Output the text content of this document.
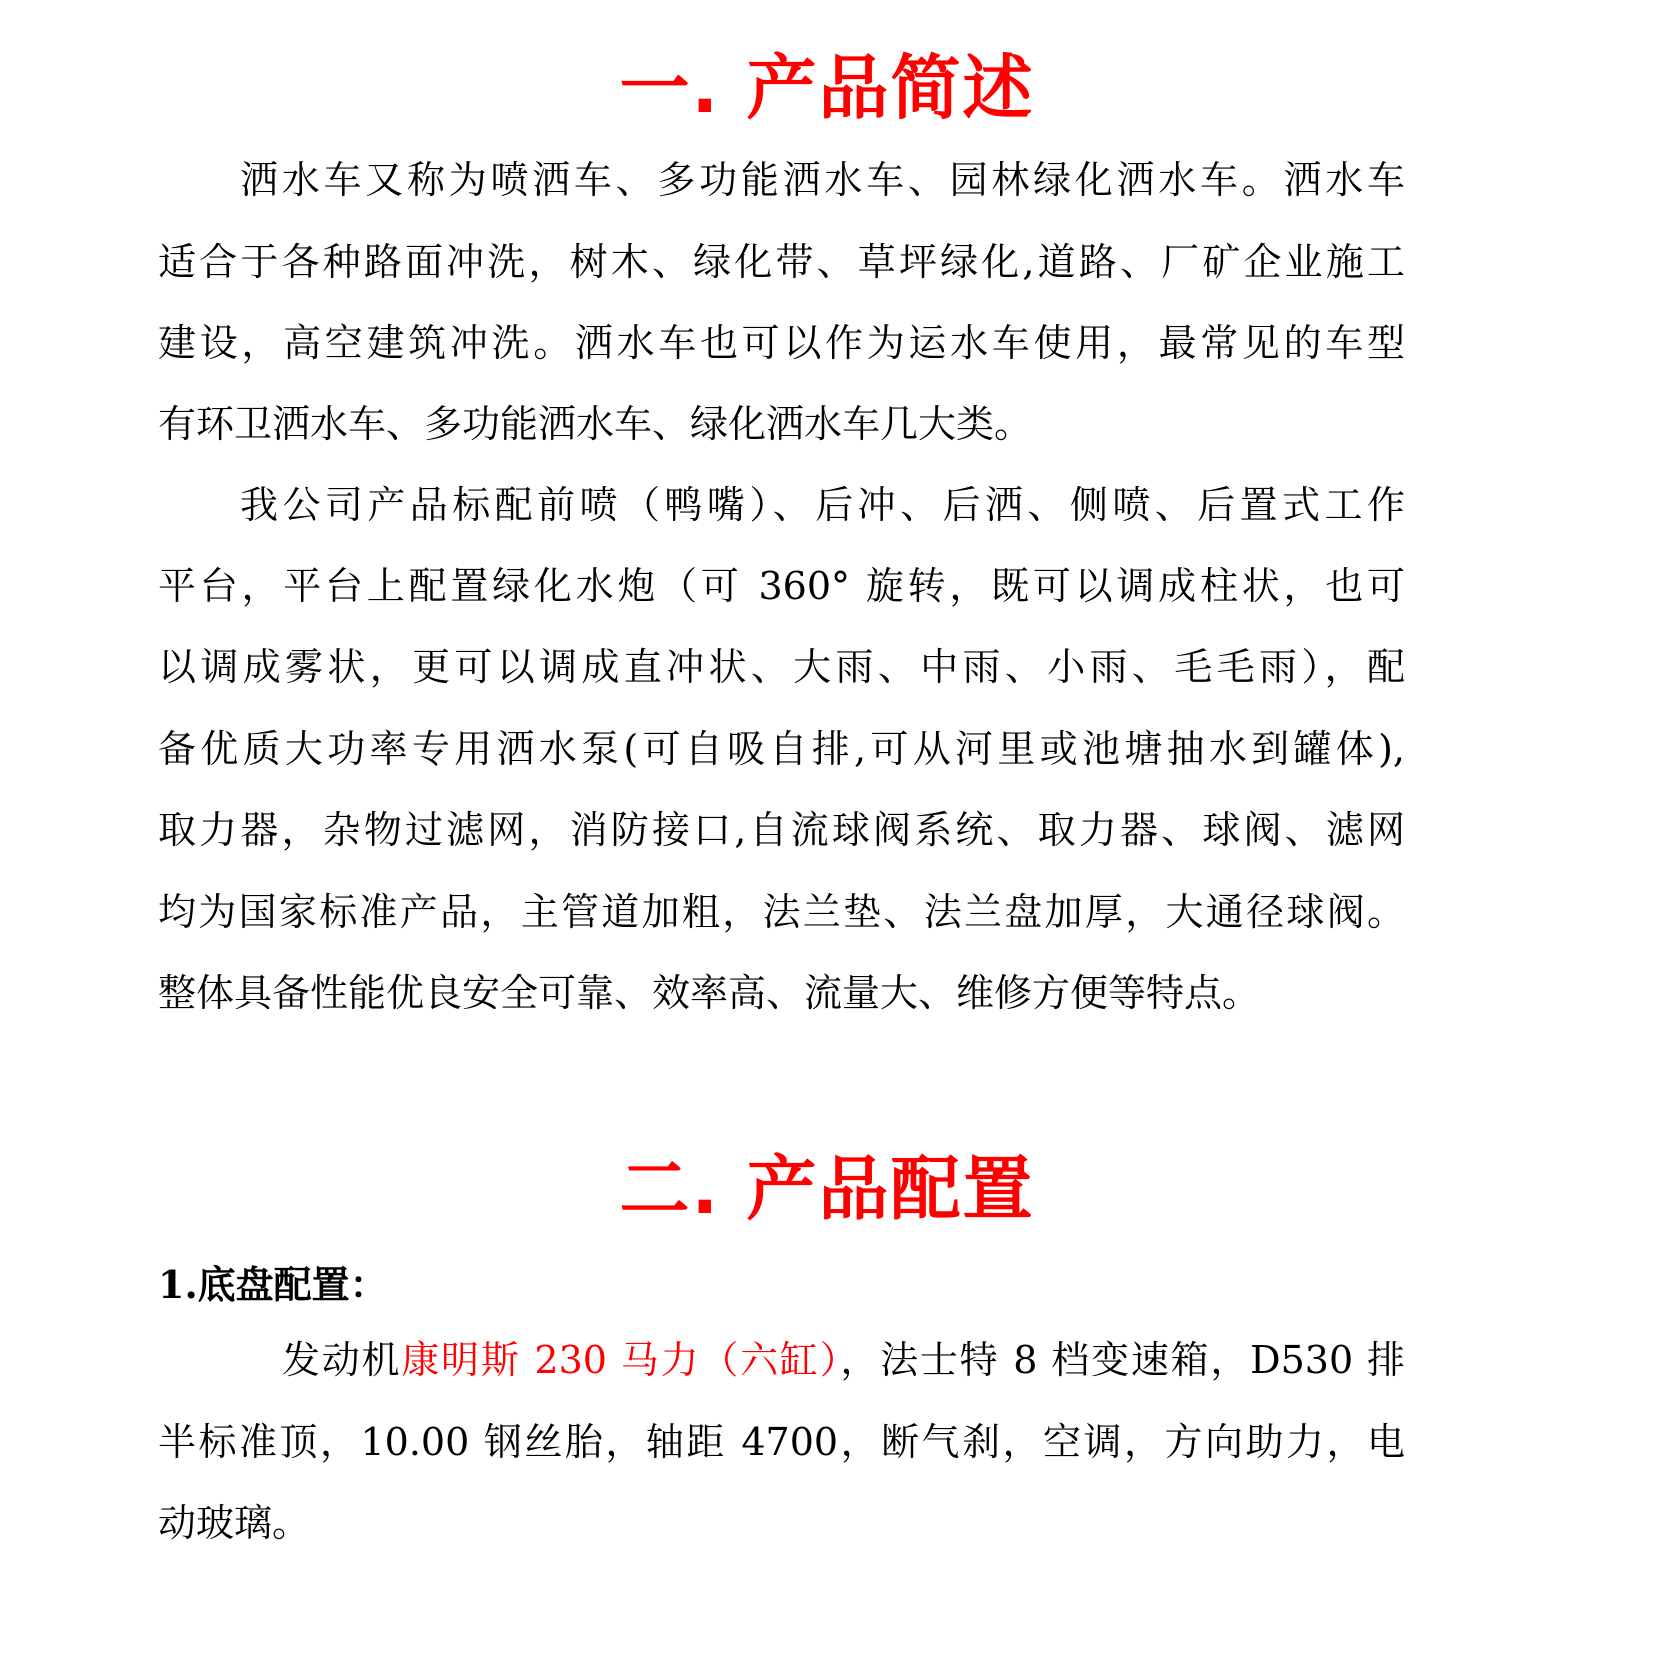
一. 产品简述
洒水车又称为喷洒车、多功能洒水车、园林绿化洒水车。洒水车
适合于各种路面冲洗，树木、绿化带、草坪绿化,道路、厂矿企业施工
建设，高空建筑冲洗。洒水车也可以作为运水车使用，最常见的车型
有环卫洒水车、多功能洒水车、绿化洒水车几大类。
我公司产品标配前喷（鸭嘴）、后冲、后洒、侧喷、后置式工作
平台，平台上配置绿化水炮（可 360° 旋转，既可以调成柱状，也可
以调成雾状，更可以调成直冲状、大雨、中雨、小雨、毛毛雨），配
备优质大功率专用洒水泵(可自吸自排,可从河里或池塘抽水到罐体),
取力器，杂物过滤网，消防接口,自流球阀系统、取力器、球阀、滤网
均为国家标准产品，主管道加粗，法兰垫、法兰盘加厚，大通径球阀。
整体具备性能优良安全可靠、效率高、流量大、维修方便等特点。
二. 产品配置
1.底盘配置：
发动机康明斯 230 马力（六缸），法士特 8 档变速箱，D530 排
半标准顶，10.00 钢丝胎，轴距 4700，断气刹，空调，方向助力，电
动玻璃。
